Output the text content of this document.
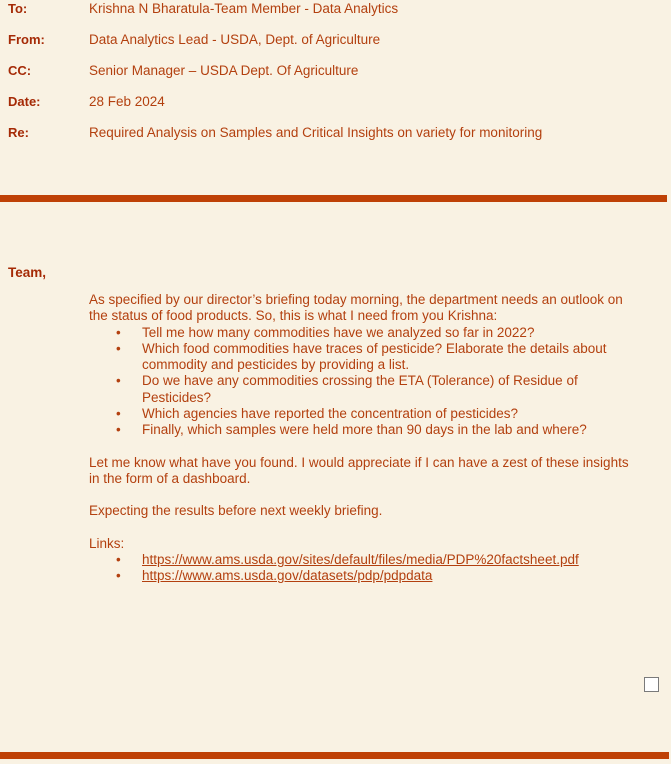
To:	Krishna N Bharatula-Team Member - Data Analytics
From:	Data Analytics Lead - USDA, Dept. of Agriculture
CC:	Senior Manager – USDA Dept. Of Agriculture
Date:	28 Feb 2024
Re:	Required Analysis on Samples and Critical Insights on variety for monitoring
Team,

As specified by our director’s briefing today morning, the department needs an outlook on the status of food products. So, this is what I need from you Krishna:

• Tell me how many commodities have we analyzed so far in 2022?
• Which food commodities have traces of pesticide? Elaborate the details about commodity and pesticides by providing a list.
• Do we have any commodities crossing the ETA (Tolerance) of Residue of Pesticides?
• Which agencies have reported the concentration of pesticides?
• Finally, which samples were held more than 90 days in the lab and where?

Let me know what have you found. I would appreciate if I can have a zest of these insights in the form of a dashboard.

Expecting the results before next weekly briefing.

Links:

• https://www.ams.usda.gov/sites/default/files/media/PDP%20factsheet.pdf
• https://www.ams.usda.gov/datasets/pdp/pdpdata
